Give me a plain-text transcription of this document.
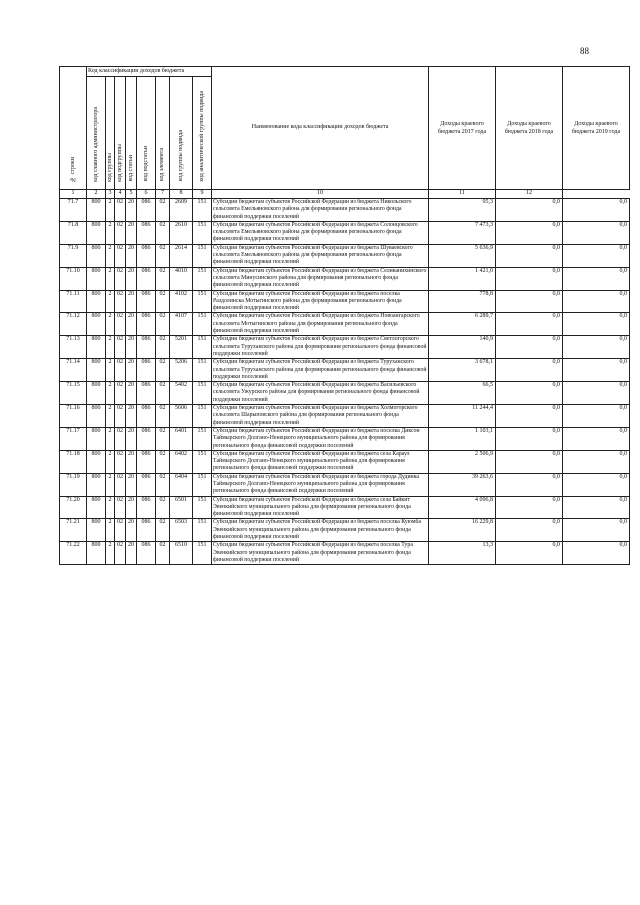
88
№ строки	Код классификации доходов бюджета								Наименование кода классификации доходов бюджета	Доходы краевого бюджета 2017 года	Доходы краевого бюджета 2018 года	Доходы краевого бюджета 2019 года
	код главного администратора	код группы	код подгруппы	код статьи	код подстатьи	код элемента	код группы подвида	код аналитической группы подвида				
1	2	3	4	5	6	7	8	9	10	11	12	
71.7	800	2	02	20	086	02	2609	151	Субсидии бюджетам субъектов Российской Федерации из бюджета Никольского сельсовета Емельяновского района для формирования регионального фонда финансовой поддержки поселений	95,3	0,0	0,0
71.8	800	2	02	20	086	02	2610	151	Субсидии бюджетам субъектов Российской Федерации из бюджета Солонцовского сельсовета Емельяновского района для формирования регионального фонда финансовой поддержки поселений	7 473,3	0,0	0,0
71.9	800	2	02	20	086	02	2614	151	Субсидии бюджетам субъектов Российской Федерации из бюджета Шуваевского сельсовета Емельяновского района для формирования регионального фонда финансовой поддержки поселений	5 636,9	0,0	0,0
71.10	800	2	02	20	086	02	4010	151	Субсидии бюджетам субъектов Российской Федерации из бюджета Селиванихинского сельсовета Минусинского района для формирования регионального фонда финансовой поддержки поселений	1 421,0	0,0	0,0
71.11	800	2	02	20	086	02	4102	151	Субсидии бюджетам субъектов Российской Федерации из бюджета поселка Раздолинска Мотыгинского района для формирования регионального фонда финансовой поддержки поселений	778,8	0,0	0,0
71.12	800	2	02	20	086	02	4107	151	Субсидии бюджетам субъектов Российской Федерации из бюджета Новоангарского сельсовета Мотыгинского района для формирования регионального фонда финансовой поддержки поселений	6 289,7	0,0	0,0
71.13	800	2	02	20	086	02	5201	151	Субсидии бюджетам субъектов Российской Федерации из бюджета Светлогорского сельсовета Туруханского района для формирования регионального фонда финансовой поддержки поселений	140,9	0,0	0,0
71.14	800	2	02	20	086	02	5206	151	Субсидии бюджетам субъектов Российской Федерации из бюджета Туруханского сельсовета Туруханского района для формирования регионального фонда финансовой поддержки поселений	3 678,1	0,0	0,0
71.15	800	2	02	20	086	02	5402	151	Субсидии бюджетам субъектов Российской Федерации из бюджета Васильевского сельсовета Ужурского района для формирования регионального фонда финансовой поддержки поселений	66,5	0,0	0,0
71.16	800	2	02	20	086	02	5606	151	Субсидии бюджетам субъектов Российской Федерации из бюджета Холмогорского сельсовета Шарыповского района для формирования регионального фонда финансовой поддержки поселений	11 244,4	0,0	0,0
71.17	800	2	02	20	086	02	6401	151	Субсидии бюджетам субъектов Российской Федерации из бюджета поселка Диксон Таймырского Долгано-Ненецкого муниципального района для формирования регионального фонда финансовой поддержки поселений	1 103,1	0,0	0,0
71.18	800	2	02	20	086	02	6402	151	Субсидии бюджетам субъектов Российской Федерации из бюджета села Караул Таймырского Долгано-Ненецкого муниципального района для формирования регионального фонда финансовой поддержки поселений	2 506,9	0,0	0,0
71.19	800	2	02	20	086	02	6404	151	Субсидии бюджетам субъектов Российской Федерации из бюджета города Дудинка Таймырского Долгано-Ненецкого муниципального района для формирования регионального фонда финансовой поддержки поселений	39 263,6	0,0	0,0
71.20	800	2	02	20	086	02	6501	151	Субсидии бюджетам субъектов Российской Федерации из бюджета села Байкит Эвенкийского муниципального района для формирования регионального фонда финансовой поддержки поселений	4 096,8	0,0	0,0
71.21	800	2	02	20	086	02	6503	151	Субсидии бюджетам субъектов Российской Федерации из бюджета поселка Куюмба Эвенкийского муниципального района для формирования регионального фонда финансовой поддержки поселений	16 229,8	0,0	0,0
71.22	800	2	02	20	086	02	6510	151	Субсидии бюджетам субъектов Российской Федерации из бюджета поселка Тура Эвенкийского муниципального района для формирования регионального фонда финансовой поддержки поселений	13,3	0,0	0,0
